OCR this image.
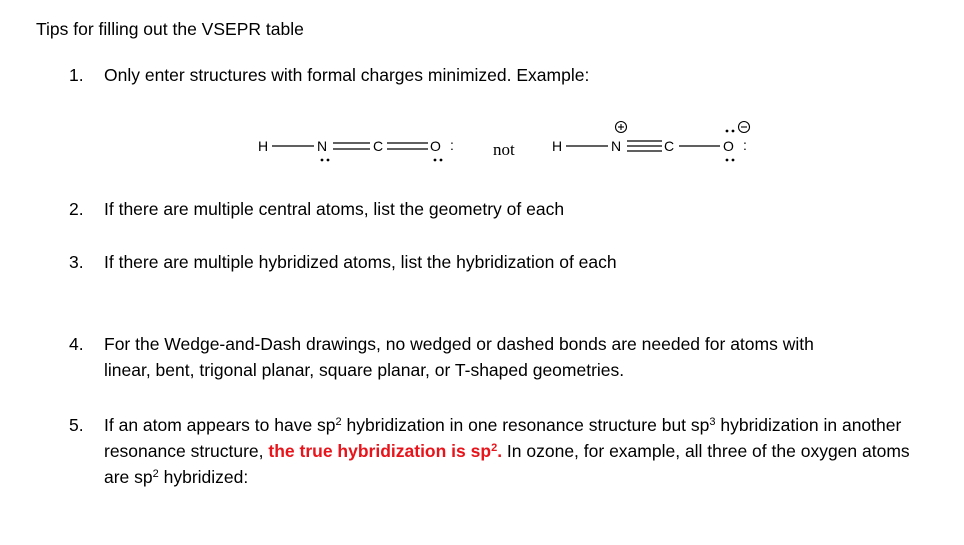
Tips for filling out the VSEPR table
1. Only enter structures with formal charges minimized. Example:
H	N	C	O : not	H	N	C	O :
2. If there are multiple central atoms, list the geometry of each
3. If there are multiple hybridized atoms, list the hybridization of each
4. For the Wedge-and-Dash drawings, no wedged or dashed bonds are needed for atoms with
linear, bent, trigonal planar, square planar, or T-shaped geometries.
5. If an atom appears to have $sp^2$ hybridization in one resonance structure but $sp^3$ hybridization in another resonance structure, the true hybridization is $sp^2$. In ozone, for example, all three of the oxygen atoms are $sp^2$ hybridized:
